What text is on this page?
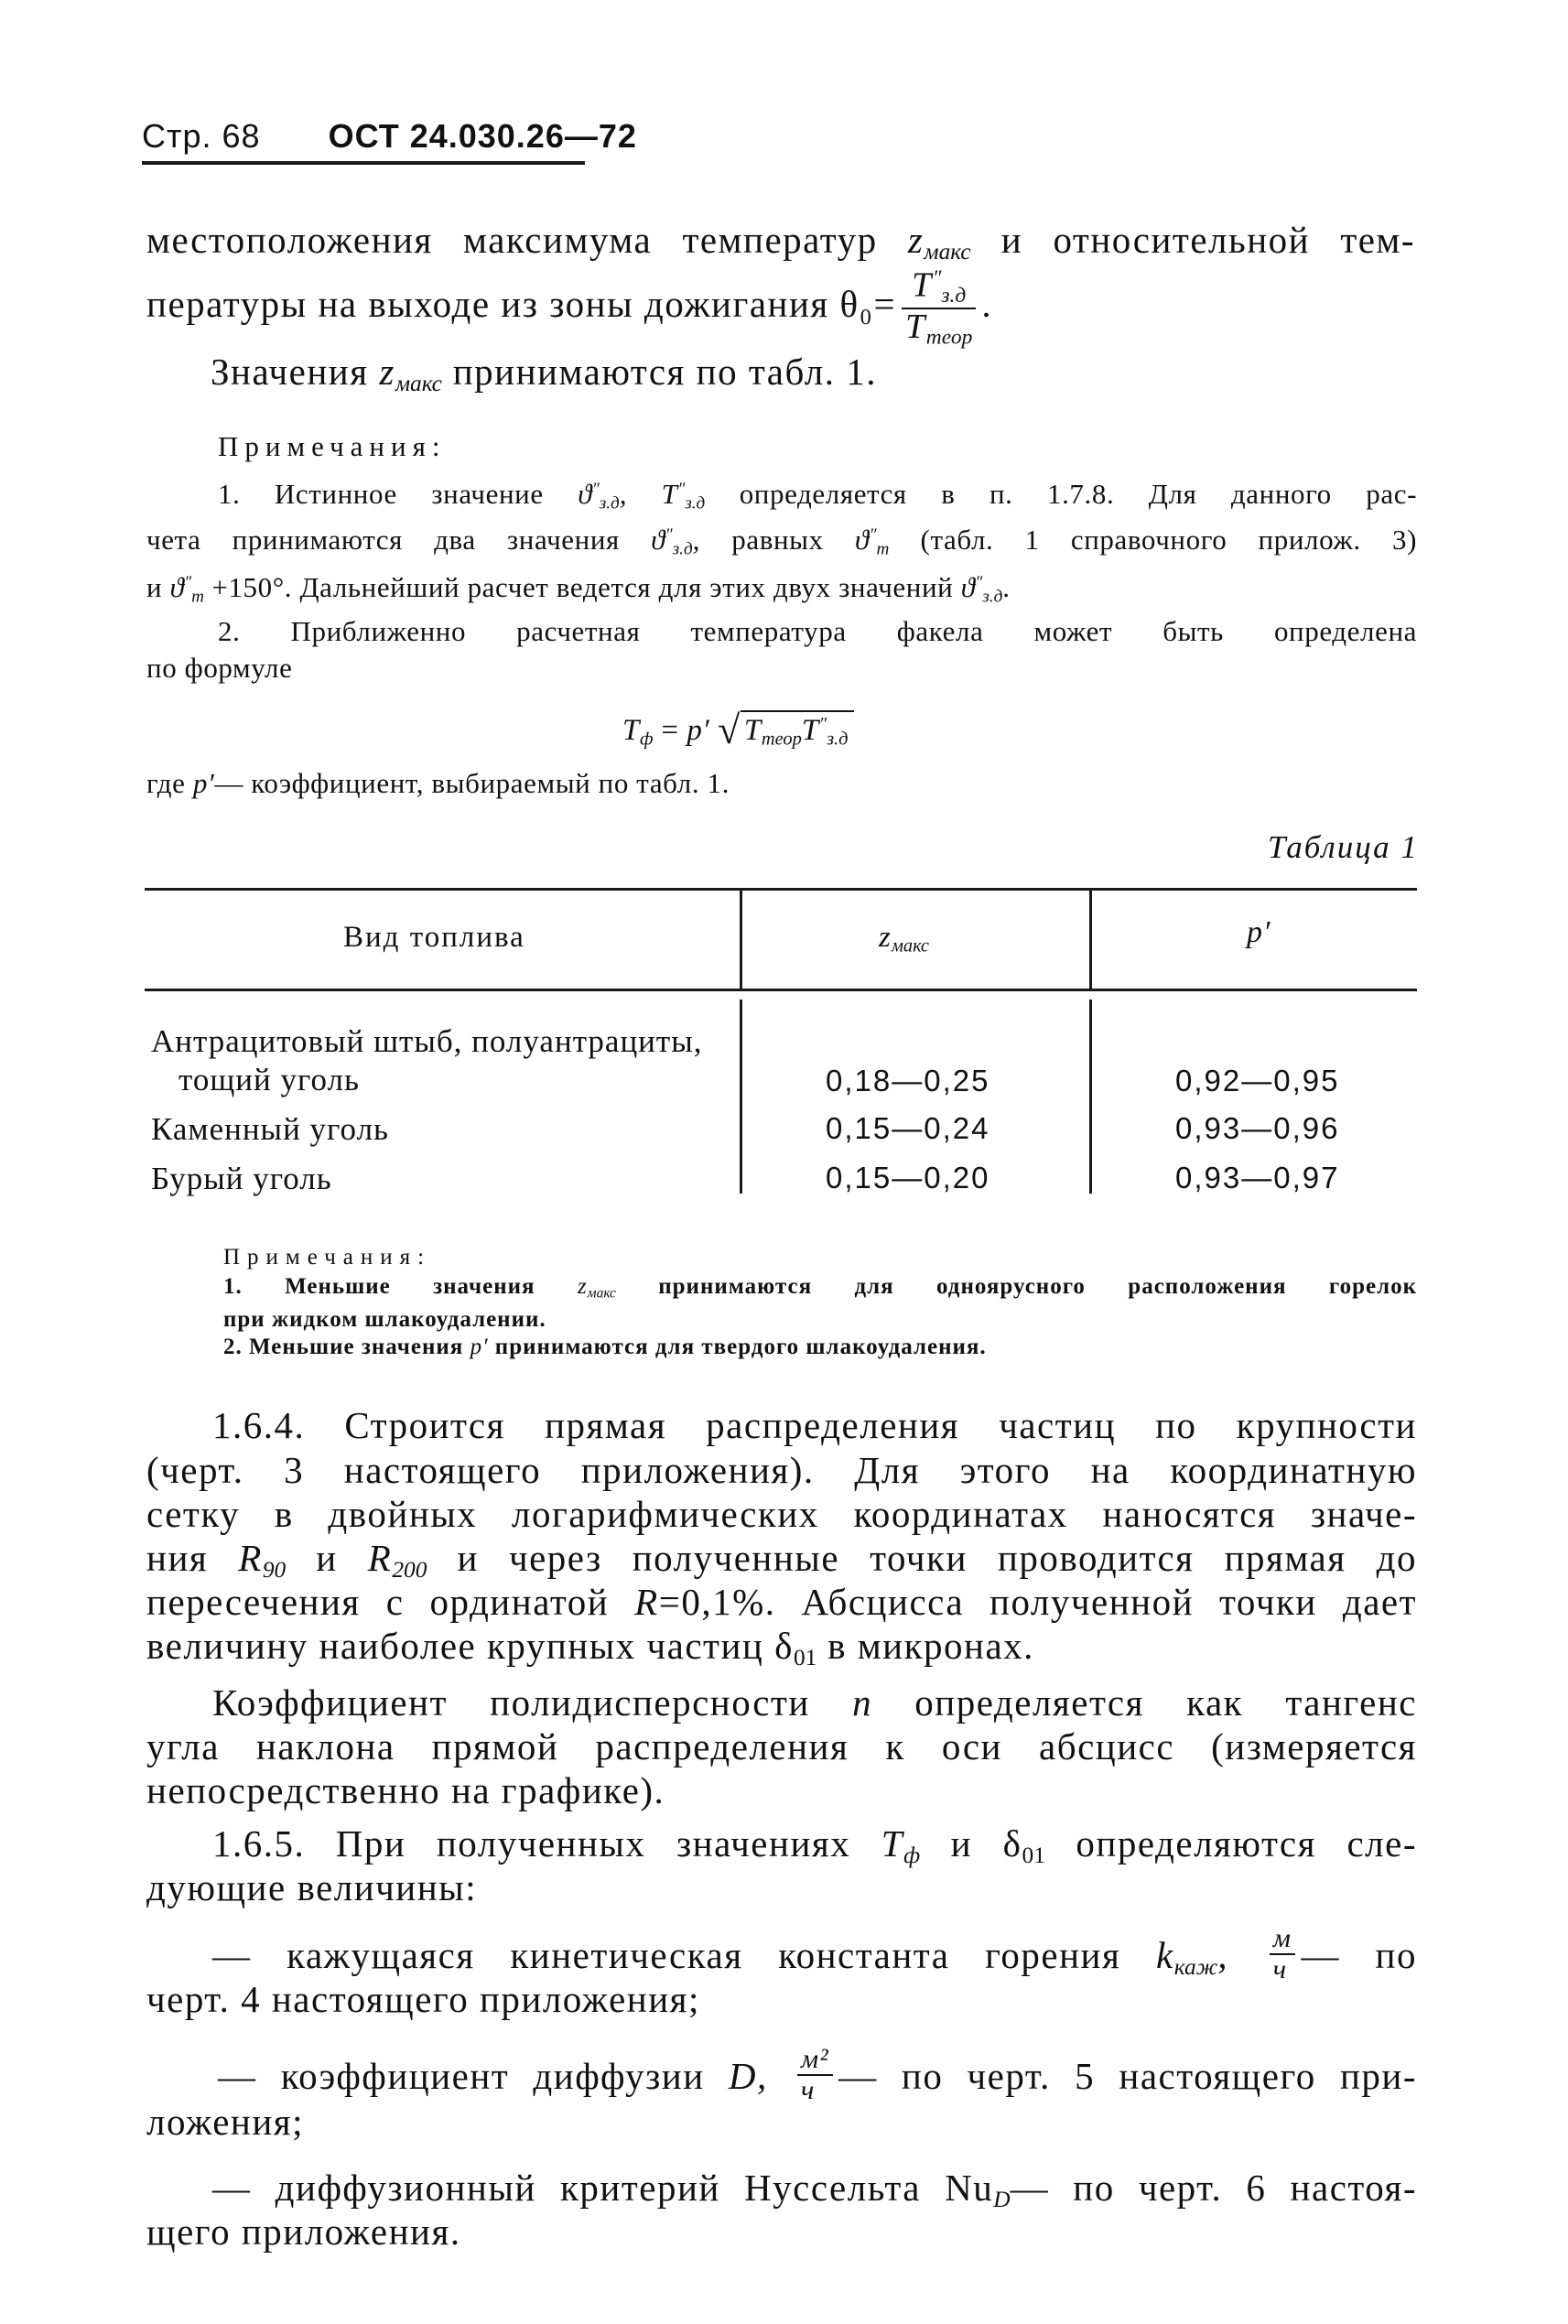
Стр. 68 ОСТ 24.030.26—72
местоположения максимума температур $z_{макс}$ и относительной тем-
пературы на выходе из зоны дожигания $\theta_0= \frac{T''_{з.д}}{T_{теор}}$ .
Значения $z_{макс}$ принимаются по табл. 1.
Примечания:
1. Истинное значение $ϑ''_{з.д}$, $T''_{з.д}$ определяется в п. 1.7.8. Для данного рас-
чета принимаются два значения $ϑ''_{з.д}$, равных $ϑ''_т$ (табл. 1 справочного прилож. 3)
и $ϑ''_т +150^\circ$. Дальнейший расчет ведется для этих двух значений $ϑ''_{з.д}$.
2. Приближенно расчетная температура факела может быть определена
по формуле
$T_ф = p'$ √ $T_{теор}T''_{з.д}$
где p′— коэффициент, выбираемый по табл. 1.
Таблица 1
Вид топлива	$z_{макс}$	p′
Антрацитовый штыб, полуантрациты,
тощий уголь	0,18—0,25	0,92—0,95
Каменный уголь	0,15—0,24	0,93—0,96
Бурый уголь	0,15—0,20	0,93—0,97
Примечания:
1. Меньшие значения $z_{макс}$ принимаются для одноярусного расположения горелок
при жидком шлакоудалении.
2. Меньшие значения p′ принимаются для твердого шлакоудаления.
1.6.4. Строится прямая распределения частиц по крупности
(черт. 3 настоящего приложения). Для этого на координатную
сетку в двойных логарифмических координатах наносятся значе-
ния $R_{90}$ и $R_{200}$ и через полученные точки проводится прямая до
пересечения с ординатой R=0,1%. Абсцисса полученной точки дает
величину наиболее крупных частиц $\delta_{01}$ в микронах.
Коэффициент полидисперсности n определяется как тангенс
угла наклона прямой распределения к оси абсцисс (измеряется
непосредственно на графике).
1.6.5. При полученных значениях $T_ф$ и $\delta_{01}$ определяются сле-
дующие величины:
— кажущаяся кинетическая константа горения $k_{каж}$, $\frac{м}{ч}$ — по
черт. 4 настоящего приложения;
— коэффициент диффузии D, $\frac{\text{м²}}{ч}$ — по черт. 5 настоящего при-
ложения;
— диффузионный критерий Нуссельта $Nu_D—$ по черт. 6 настоя-
щего приложения.
